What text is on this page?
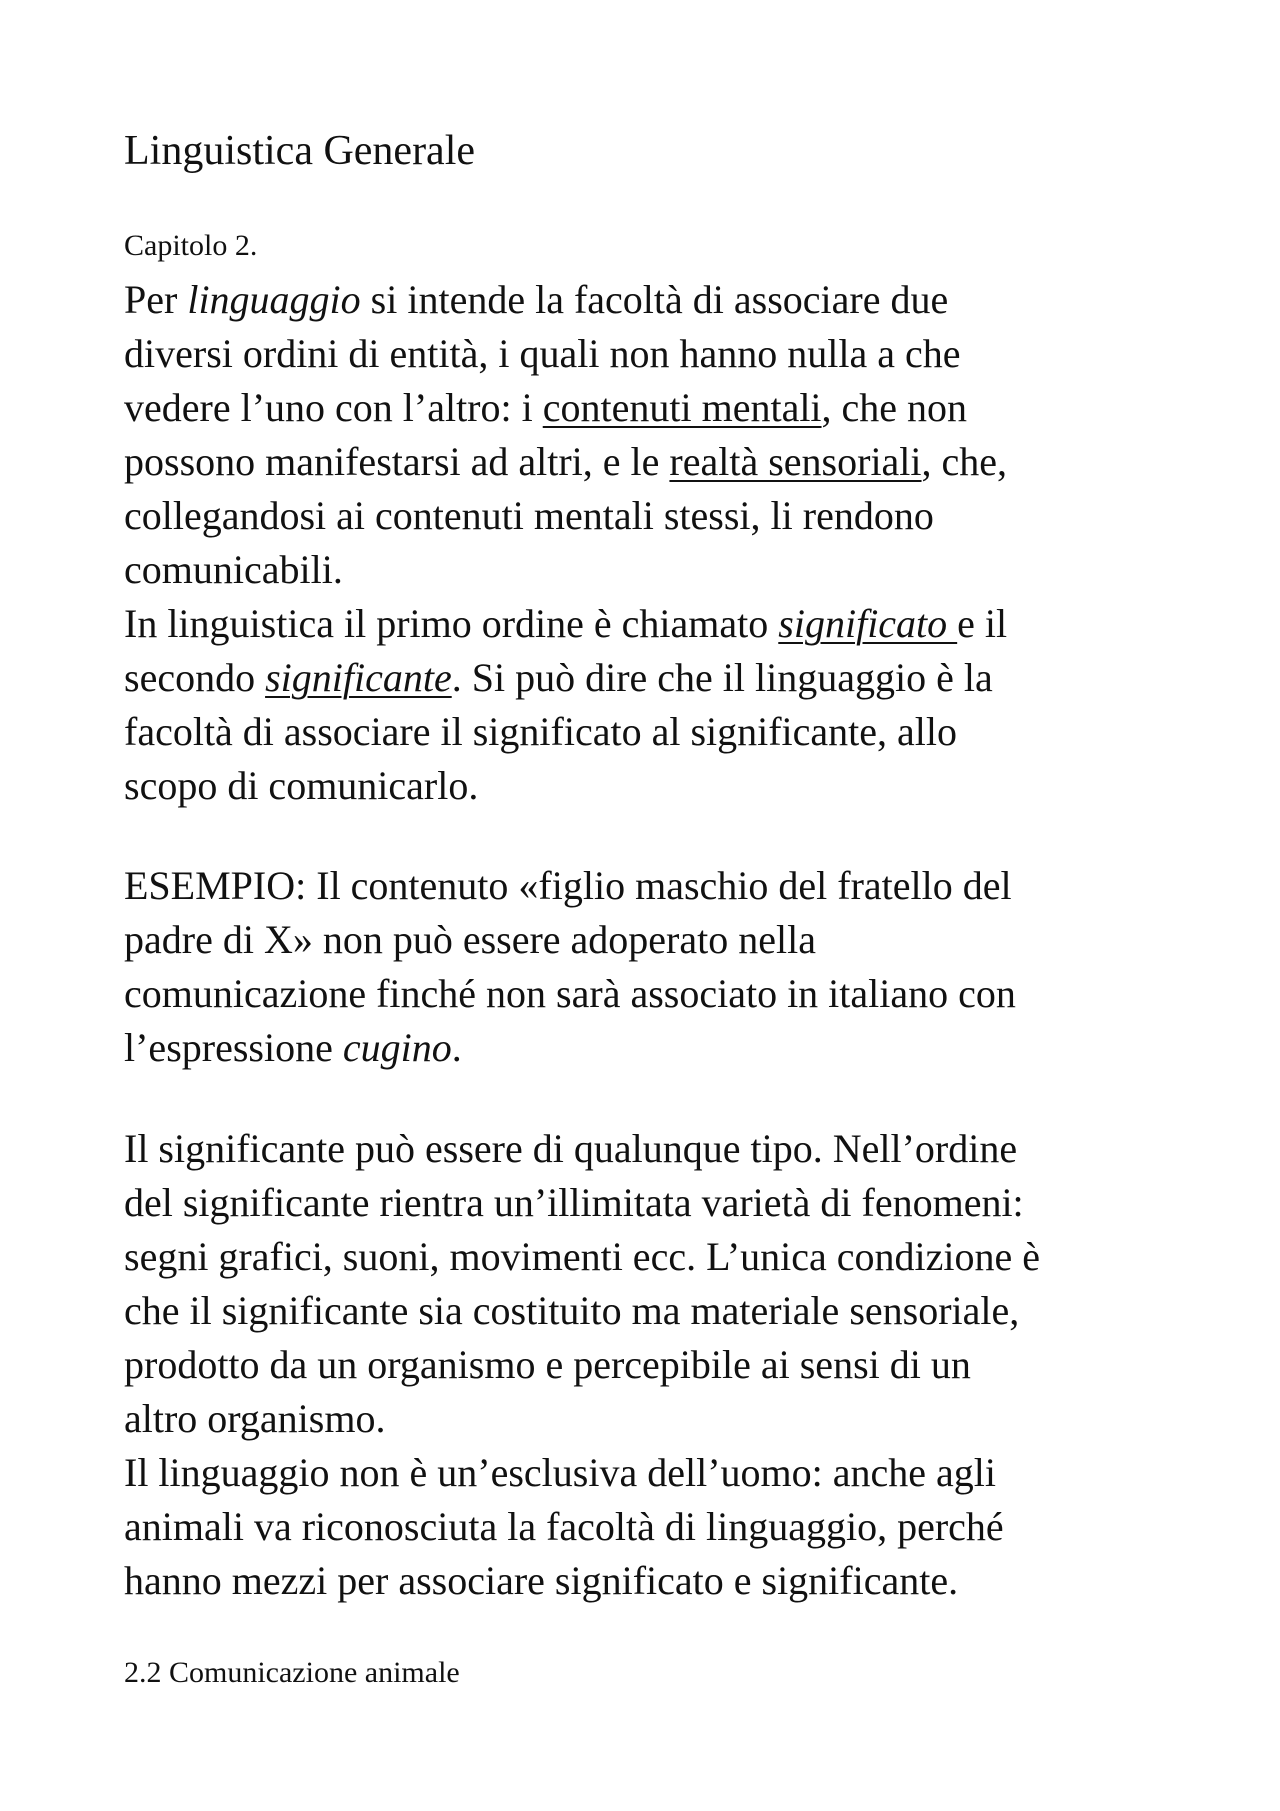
Linguistica Generale
Capitolo 2.
Per linguaggio si intende la facoltà di associare due
diversi ordini di entità, i quali non hanno nulla a che
vedere l’uno con l’altro: i contenuti mentali, che non
possono manifestarsi ad altri, e le realtà sensoriali, che,
collegandosi ai contenuti mentali stessi, li rendono
comunicabili.
In linguistica il primo ordine è chiamato significato e il
secondo significante. Si può dire che il linguaggio è la
facoltà di associare il significato al significante, allo
scopo di comunicarlo.
ESEMPIO: Il contenuto «figlio maschio del fratello del
padre di X» non può essere adoperato nella
comunicazione finché non sarà associato in italiano con
l’espressione cugino.
Il significante può essere di qualunque tipo. Nell’ordine
del significante rientra un’illimitata varietà di fenomeni:
segni grafici, suoni, movimenti ecc. L’unica condizione è
che il significante sia costituito ma materiale sensoriale,
prodotto da un organismo e percepibile ai sensi di un
altro organismo.
Il linguaggio non è un’esclusiva dell’uomo: anche agli
animali va riconosciuta la facoltà di linguaggio, perché
hanno mezzi per associare significato e significante.
2.2 Comunicazione animale
